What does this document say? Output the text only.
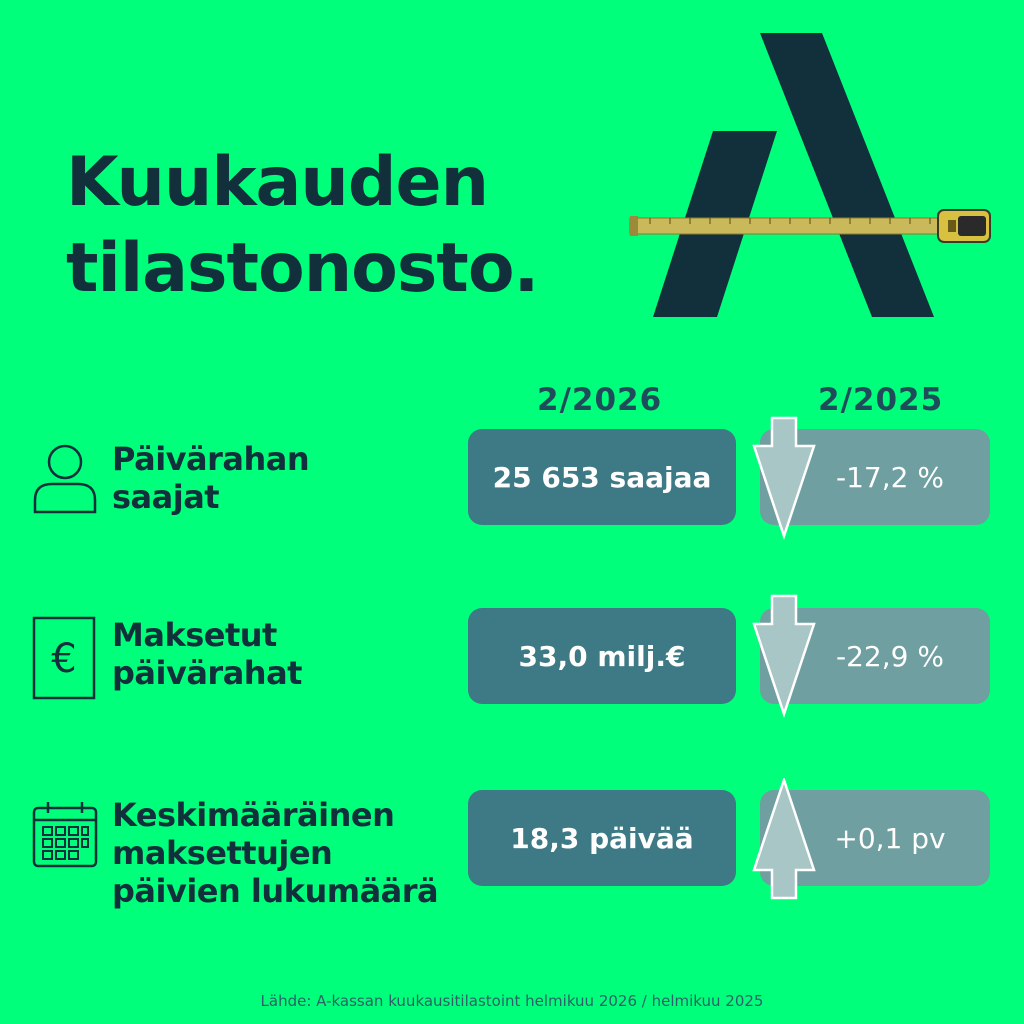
Kuukauden
tilastonosto.
2/2026	2/2025
Päivärahan
saajat
-17,2 %
25 653 saajaa
€
Maksetut
päivärahat	-22,9 %
33,0 milj.€
Keskimääräinen
maksettujen
päivien lukumäärä
+0,1 pv
18,3 päivää
Lähde: A-kassan kuukausitilastoint helmikuu 2026 / helmikuu 2025
